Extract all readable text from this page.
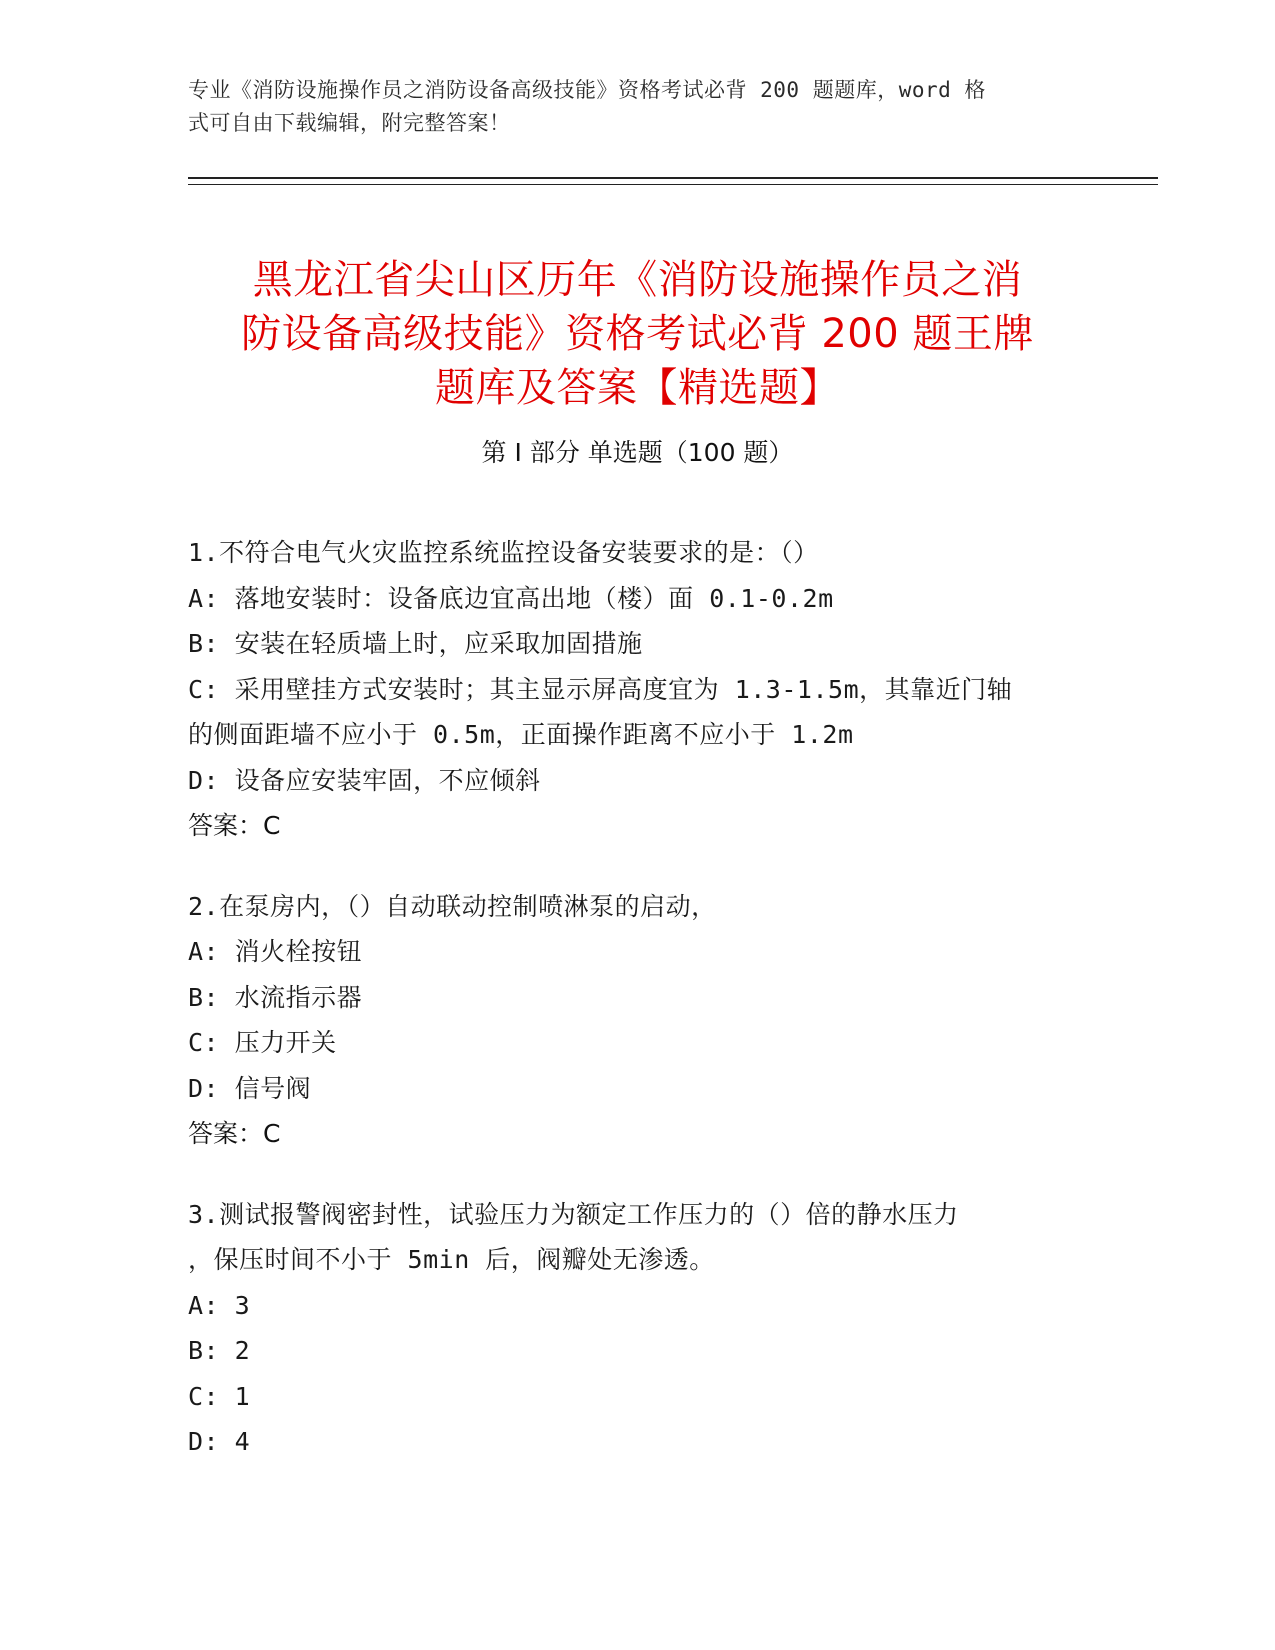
专业《消防设施操作员之消防设备高级技能》资格考试必背 200 题题库，word 格
式可自由下载编辑，附完整答案！
黑龙江省尖山区历年《消防设施操作员之消
防设备高级技能》资格考试必背 200 题王牌
题库及答案【精选题】
第 I 部分 单选题（100 题）
1.不符合电气火灾监控系统监控设备安装要求的是：（）
A: 落地安装时：设备底边宜高出地（楼）面 0.1-0.2m
B: 安装在轻质墙上时，应采取加固措施
C: 采用壁挂方式安装时；其主显示屏高度宜为 1.3-1.5m，其靠近门轴
的侧面距墙不应小于 0.5m，正面操作距离不应小于 1.2m
D: 设备应安装牢固，不应倾斜
答案：C
2.在泵房内，（）自动联动控制喷淋泵的启动，
A: 消火栓按钮
B: 水流指示器
C: 压力开关
D: 信号阀
答案：C
3.测试报警阀密封性，试验压力为额定工作压力的（）倍的静水压力
，保压时间不小于 5min 后，阀瓣处无渗透。
A: 3
B: 2
C: 1
D: 4
